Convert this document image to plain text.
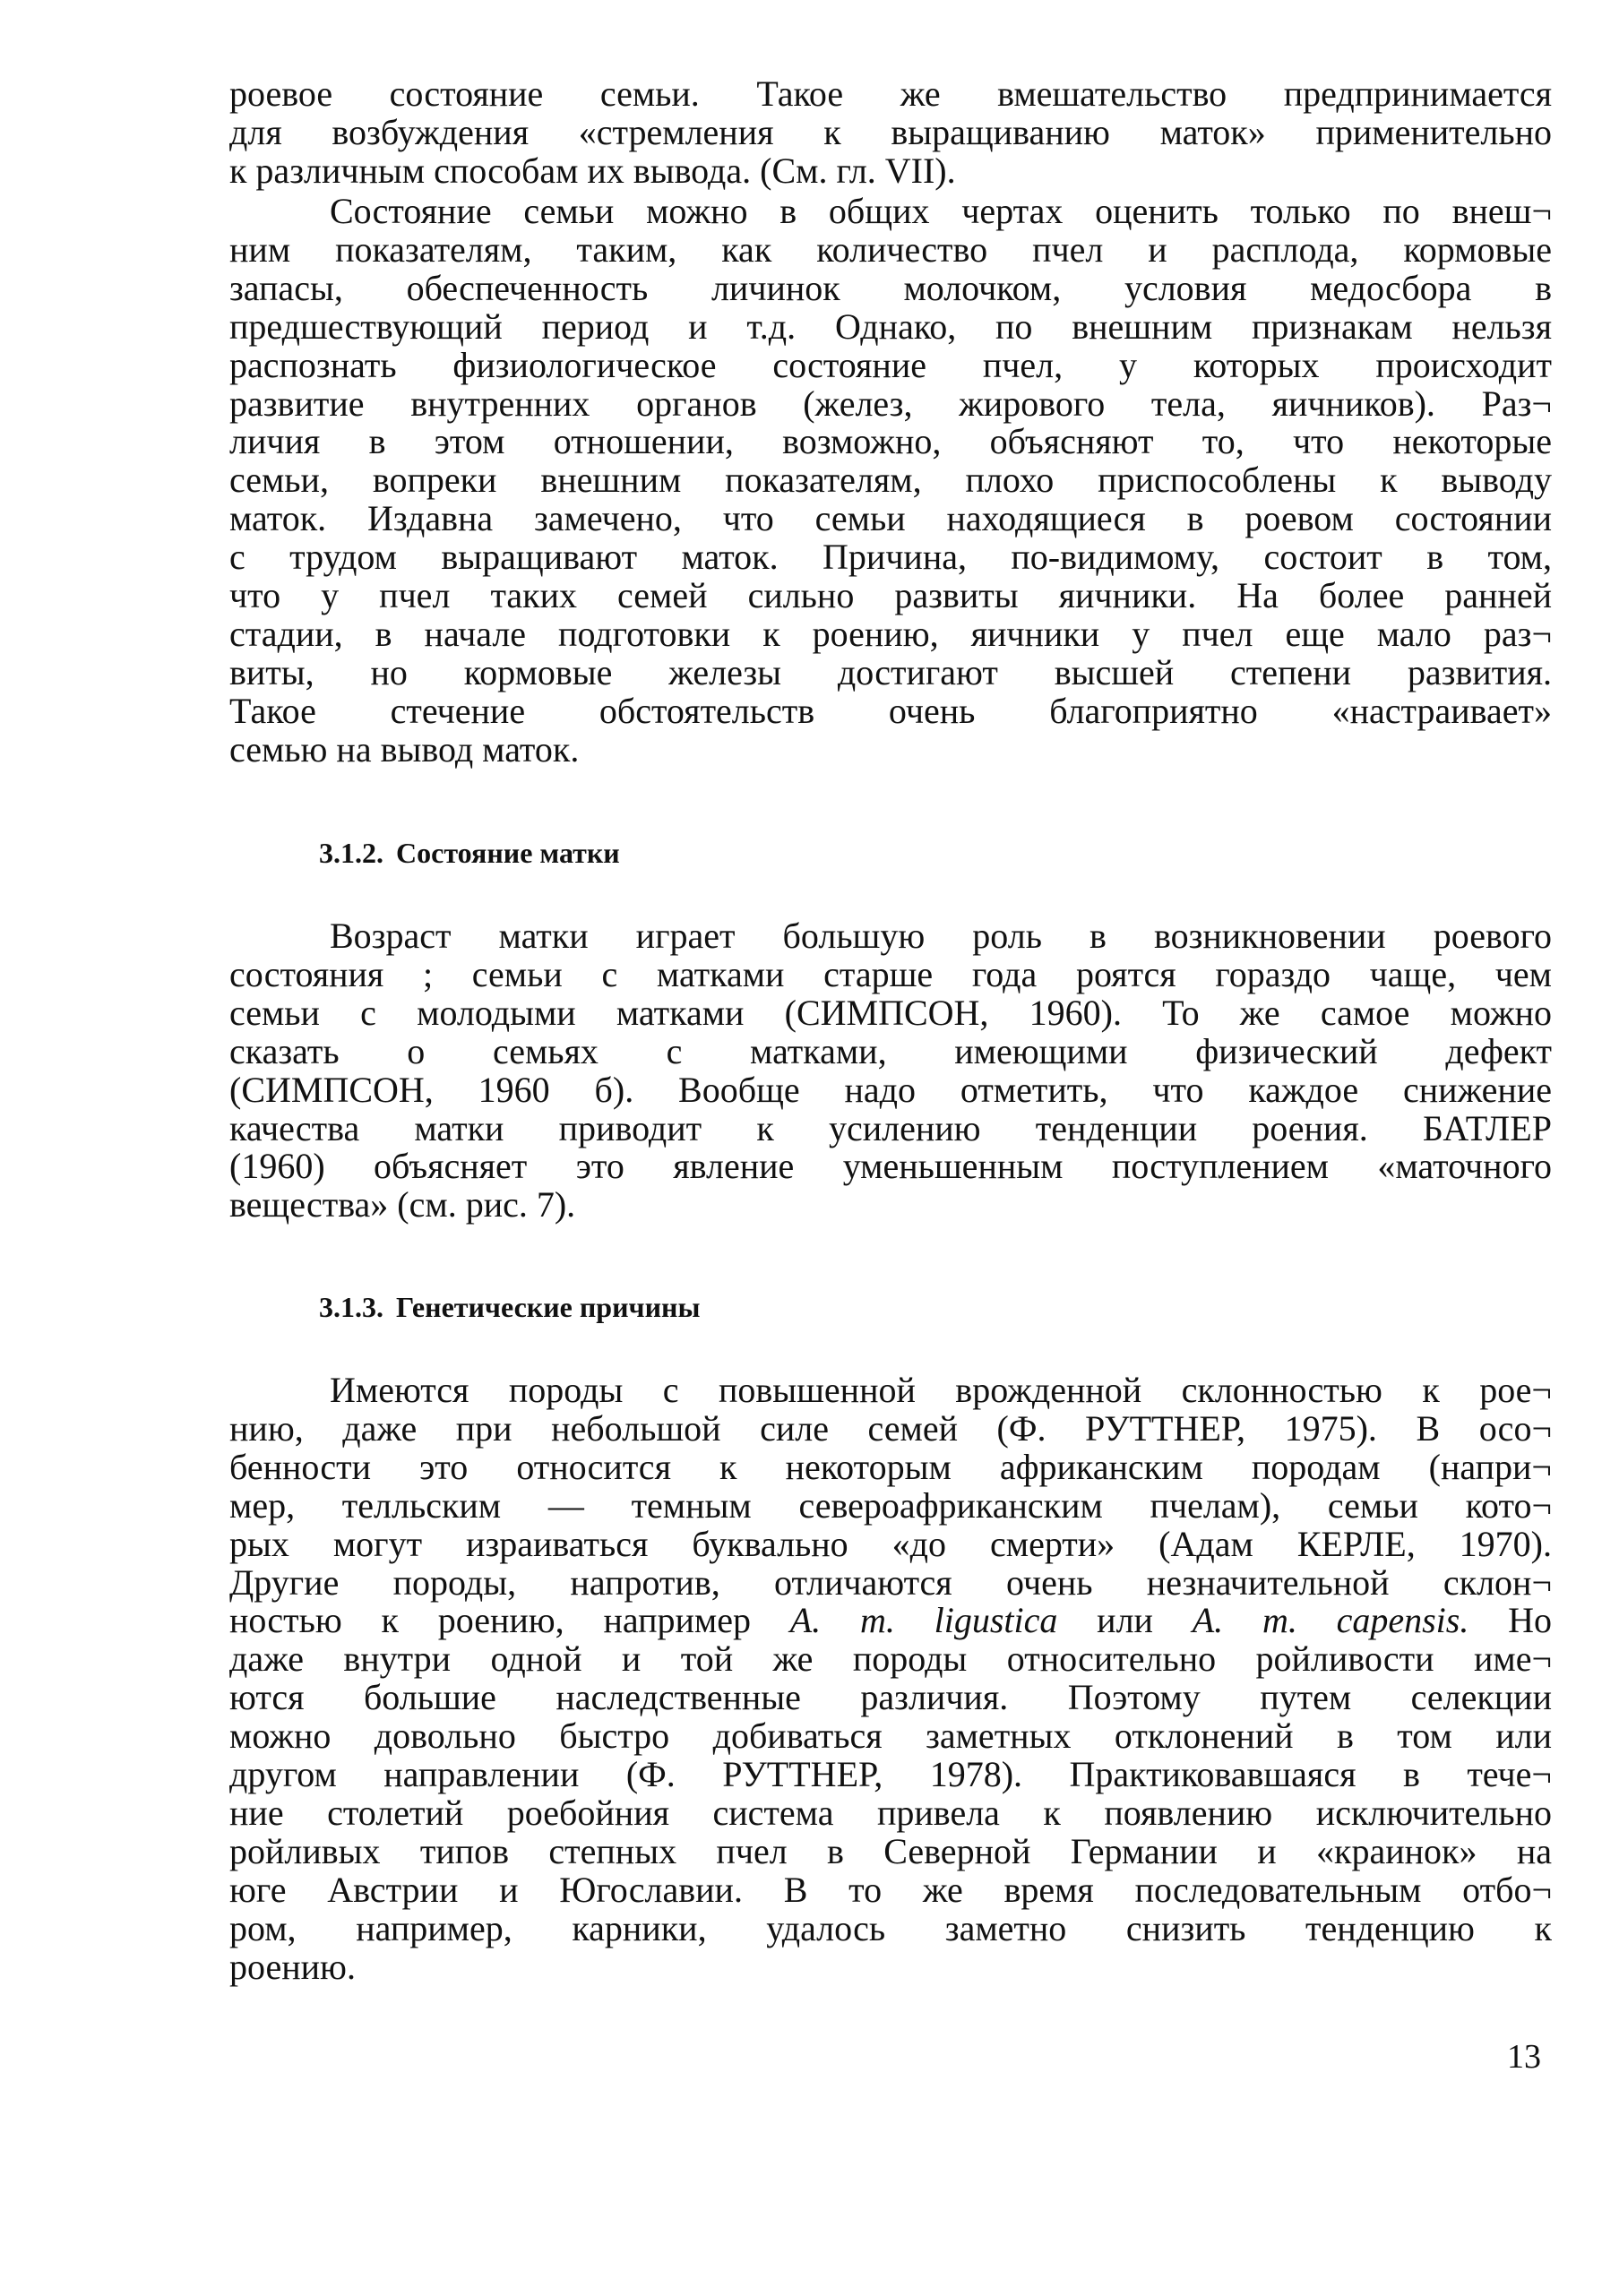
роевое состояние семьи. Такое же вмешательство предпринимается
для возбуждения «стремления к выращиванию маток» применительно
к различным способам их вывода. (См. гл. VII).
Состояние семьи можно в общих чертах оценить только по внеш¬
ним показателям, таким, как количество пчел и расплода, кормовые
запасы, обеспеченность личинок молочком, условия медосбора в
предшествующий период и т.д. Однако, по внешним признакам нельзя
распознать физиологическое состояние пчел, у которых происходит
развитие внутренних органов (желез, жирового тела, яичников). Раз¬
личия в этом отношении, возможно, объясняют то, что некоторые
семьи, вопреки внешним показателям, плохо приспособлены к выводу
маток. Издавна замечено, что семьи находящиеся в роевом состоянии
с трудом выращивают маток. Причина, по-видимому, состоит в том,
что у пчел таких семей сильно развиты яичники. На более ранней
стадии, в начале подготовки к роению, яичники у пчел еще мало раз¬
виты, но кормовые железы достигают высшей степени развития.
Такое стечение обстоятельств очень благоприятно «настраивает»
семью на вывод маток.
3.1.2. Состояние матки
Возраст матки играет большую роль в возникновении роевого
состояния ; семьи с матками старше года роятся гораздо чаще, чем
семьи с молодыми матками (СИМПСОН, 1960). То же самое можно
сказать о семьях с матками, имеющими физический дефект
(СИМПСОН, 1960 б). Вообще надо отметить, что каждое снижение
качества матки приводит к усилению тенденции роения. БАТЛЕР
(1960) объясняет это явление уменьшенным поступлением «маточного
вещества» (см. рис. 7).
3.1.3. Генетические причины
Имеются породы с повышенной врожденной склонностью к рое¬
нию, даже при небольшой силе семей (Ф. РУТТНЕР, 1975). В осо¬
бенности это относится к некоторым африканским породам (напри¬
мер, телльским — темным североафриканским пчелам), семьи кото¬
рых могут израиваться буквально «до смерти» (Адам КЕРЛЕ, 1970).
Другие породы, напротив, отличаются очень незначительной склон¬
ностью к роению, например A. m. ligustica или A. m. capensis. Но
даже внутри одной и той же породы относительно ройливости име¬
ются большие наследственные различия. Поэтому путем селекции
можно довольно быстро добиваться заметных отклонений в том или
другом направлении (Ф. РУТТНЕР, 1978). Практиковавшаяся в тече¬
ние столетий роебойния система привела к появлению исключительно
ройливых типов степных пчел в Северной Германии и «краинок» на
юге Австрии и Югославии. В то же время последовательным отбо¬
ром, например, карники, удалось заметно снизить тенденцию к
роению.
13
